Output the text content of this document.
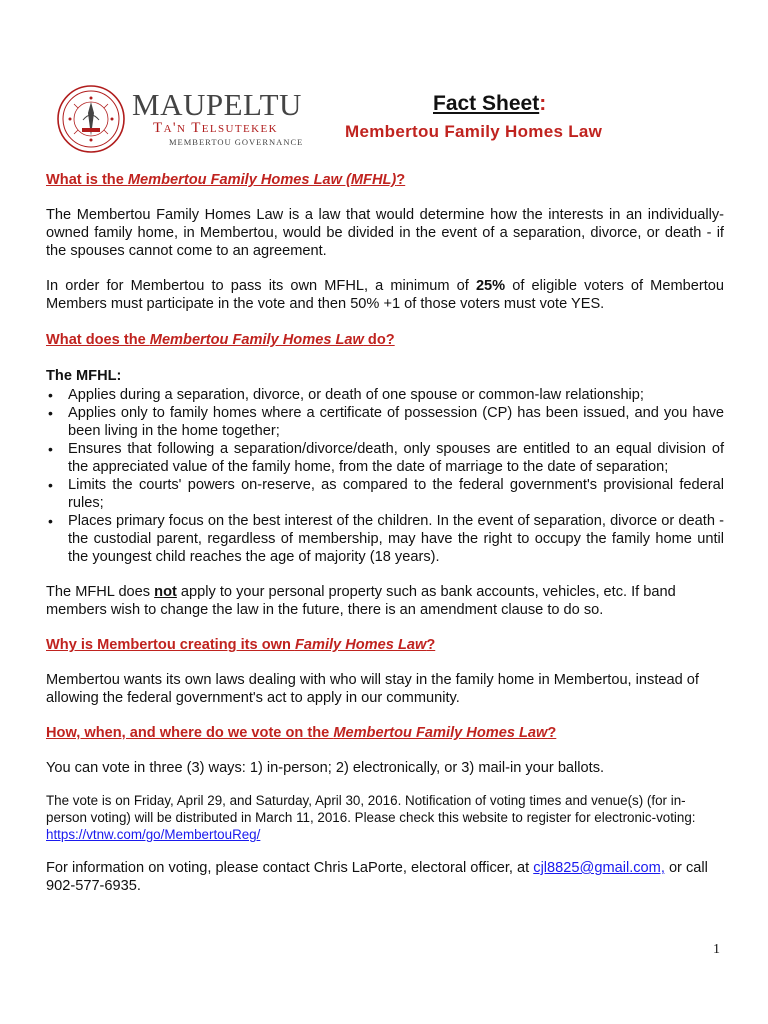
MAUPELTU
Ta'n Telsutekek
MEMBERTOU GOVERNANCE
Fact Sheet:
Membertou Family Homes Law

What is the Membertou Family Homes Law (MFHL)?

The Membertou Family Homes Law is a law that would determine how the interests in an individually-owned family home, in Membertou, would be divided in the event of a separation, divorce, or death - if the spouses cannot come to an agreement.

In order for Membertou to pass its own MFHL, a minimum of 25% of eligible voters of Membertou Members must participate in the vote and then 50% +1 of those voters must vote YES.

What does the Membertou Family Homes Law do?

The MFHL:

• Applies during a separation, divorce, or death of one spouse or common-law relationship;
• Applies only to family homes where a certificate of possession (CP) has been issued, and you have been living in the home together;
• Ensures that following a separation/divorce/death, only spouses are entitled to an equal division of the appreciated value of the family home, from the date of marriage to the date of separation;
• Limits the courts' powers on-reserve, as compared to the federal government's provisional federal rules;
• Places primary focus on the best interest of the children. In the event of separation, divorce or death - the custodial parent, regardless of membership, may have the right to occupy the family home until the youngest child reaches the age of majority (18 years).

The MFHL does not apply to your personal property such as bank accounts, vehicles, etc. If band members wish to change the law in the future, there is an amendment clause to do so.

Why is Membertou creating its own Family Homes Law?

Membertou wants its own laws dealing with who will stay in the family home in Membertou, instead of allowing the federal government's act to apply in our community.

How, when, and where do we vote on the Membertou Family Homes Law?

You can vote in three (3) ways: 1) in-person; 2) electronically, or 3) mail-in your ballots.

The vote is on Friday, April 29, and Saturday, April 30, 2016. Notification of voting times and venue(s) (for in-person voting) will be distributed in March 11, 2016. Please check this website to register for electronic-voting: https://vtnw.com/go/MembertouReg/

For information on voting, please contact Chris LaPorte, electoral officer, at cjl8825@gmail.com, or call 902-577-6935.

1
